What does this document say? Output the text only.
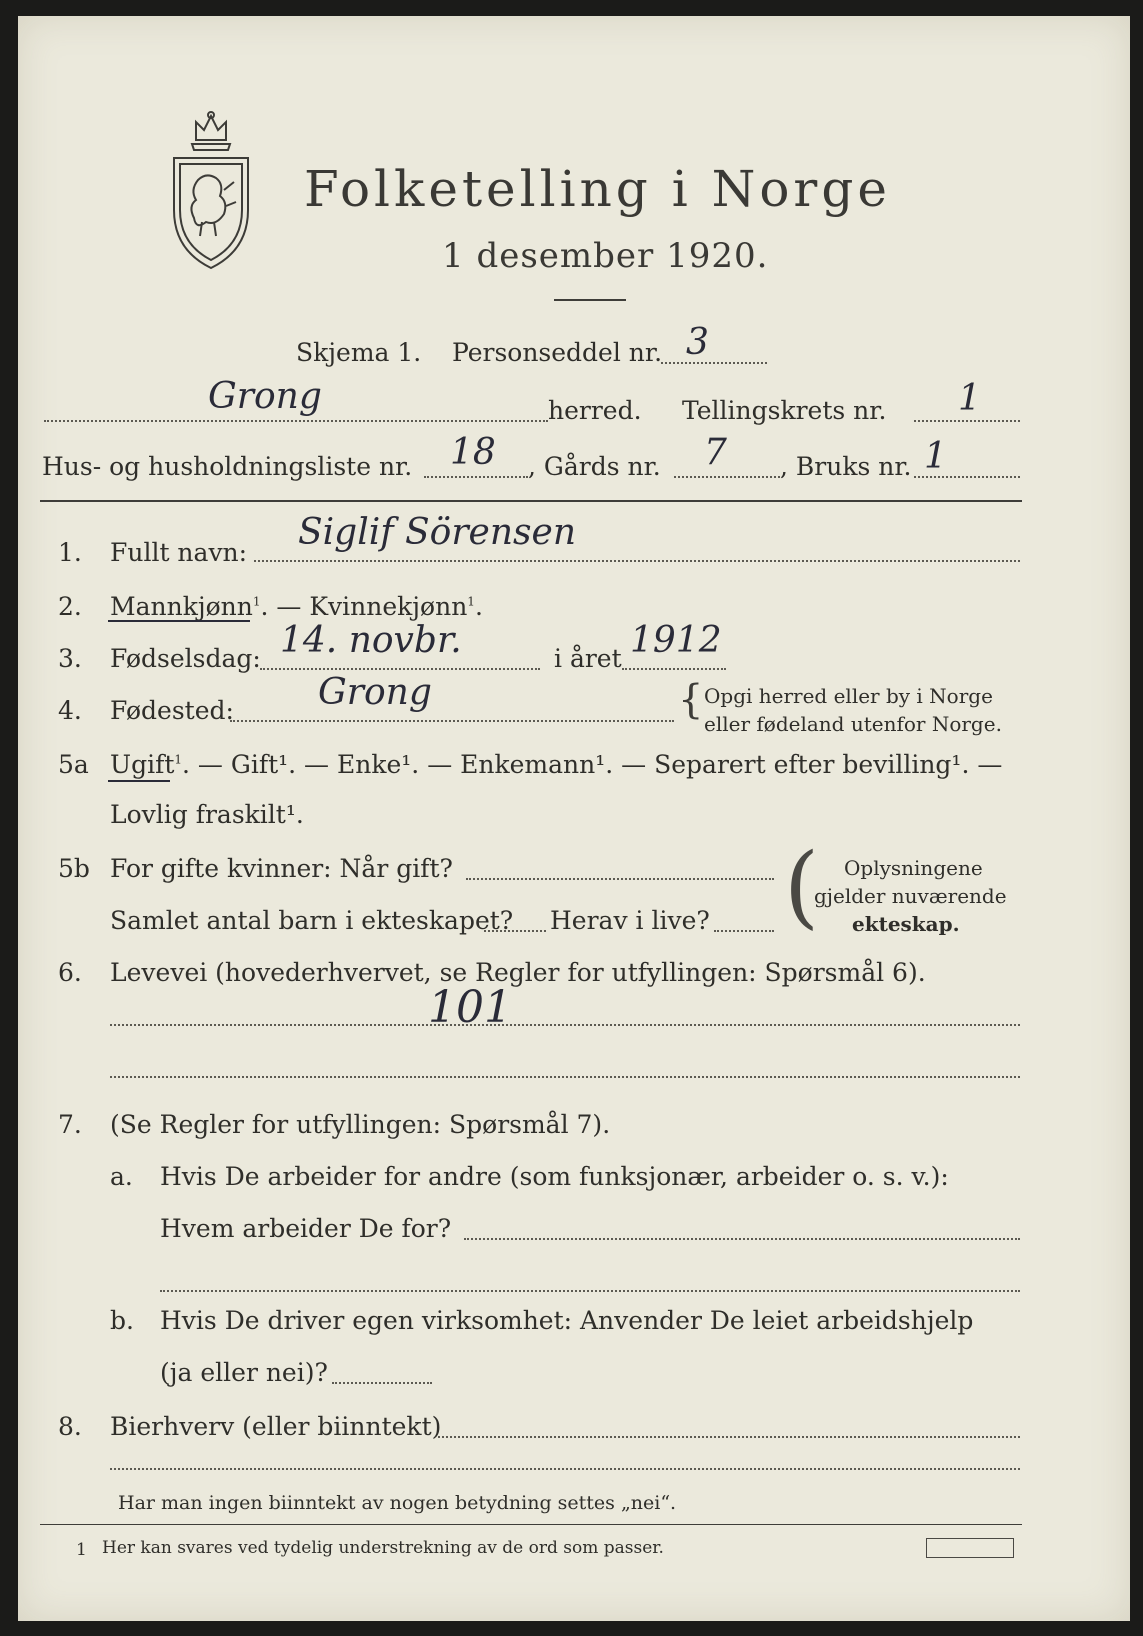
Folketelling i Norge
1 desember 1920.
Skjema 1. Personseddel nr. 3
Grong	herred. Tellingskrets nr. 1
Hus- og husholdningsliste nr. 18 , Gårds nr. 7 , Bruks nr. 1
1. Fullt navn: Siglif Sörensen
2. Mannkjønn$^1$. — Kvinnekjønn$^1$.
3. Fødselsdag: 14. novbr.	i året 1912
4. Fødested: Grong	{ Opgi herred eller by i Norge
eller fødeland utenfor Norge.
5a Ugift$^1$. — Gift¹. — Enke¹. — Enkemann¹. — Separert efter bevilling¹. —
Lovlig fraskilt¹.
5b For gifte kvinner: Når gift?
Samlet antal barn i ekteskapet? Herav i live? ( Oplysningene
gjelder nuværende
ekteskap.
6. Levevei (hovederhvervet, se Regler for utfyllingen: Spørsmål 6).
101
7. (Se Regler for utfyllingen: Spørsmål 7).
a. Hvis De arbeider for andre (som funksjonær, arbeider o. s. v.):
Hvem arbeider De for?
b. Hvis De driver egen virksomhet: Anvender De leiet arbeidshjelp
(ja eller nei)?
8. Bierhverv (eller biinntekt)
Har man ingen biinntekt av nogen betydning settes „nei“.
1 Her kan svares ved tydelig understrekning av de ord som passer.
